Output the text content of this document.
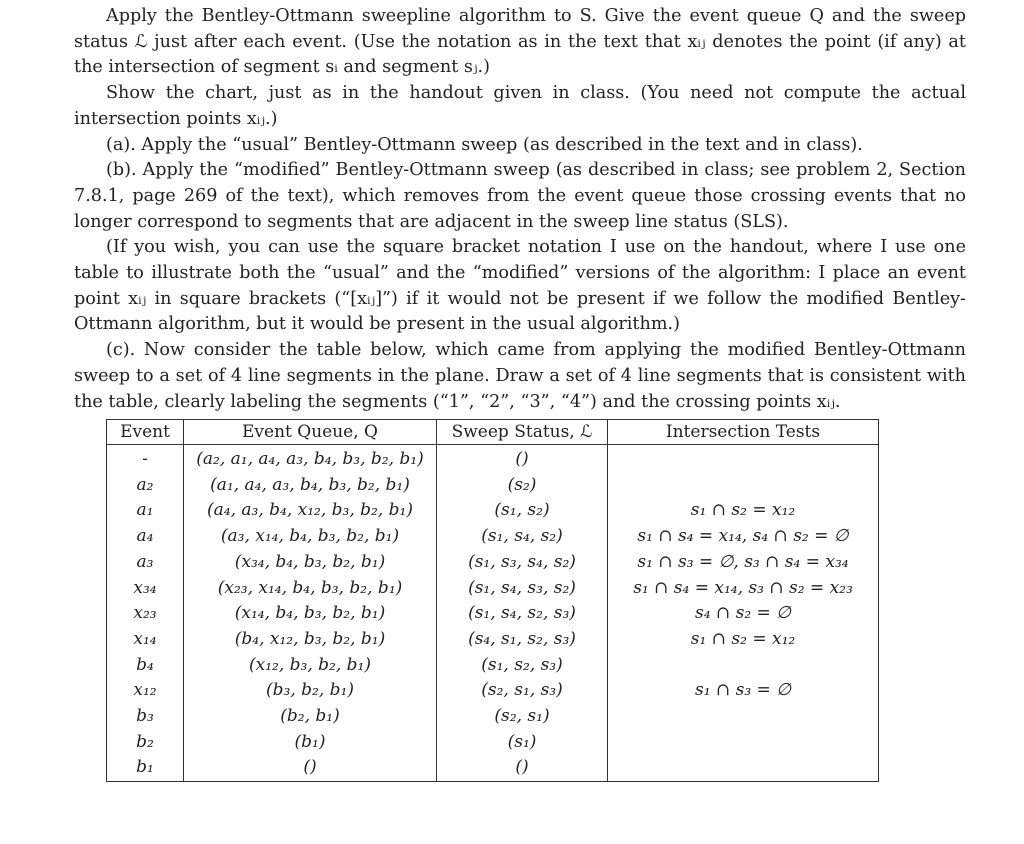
Apply the Bentley-Ottmann sweepline algorithm to S. Give the event queue Q and the sweep status ℒ just after each event. (Use the notation as in the text that xᵢⱼ denotes the point (if any) at the intersection of segment sᵢ and segment sⱼ.)

Show the chart, just as in the handout given in class. (You need not compute the actual intersection points xᵢⱼ.)

(a). Apply the “usual” Bentley-Ottmann sweep (as described in the text and in class).

(b). Apply the “modified” Bentley-Ottmann sweep (as described in class; see problem 2, Section 7.8.1, page 269 of the text), which removes from the event queue those crossing events that no longer correspond to segments that are adjacent in the sweep line status (SLS).

(If you wish, you can use the square bracket notation I use on the handout, where I use one table to illustrate both the “usual” and the “modified” versions of the algorithm: I place an event point xᵢⱼ in square brackets (“[xᵢⱼ]”) if it would not be present if we follow the modified Bentley-Ottmann algorithm, but it would be present in the usual algorithm.)

(c). Now consider the table below, which came from applying the modified Bentley-Ottmann sweep to a set of 4 line segments in the plane. Draw a set of 4 line segments that is consistent with the table, clearly labeling the segments (“1”, “2”, “3”, “4”) and the crossing points xᵢⱼ.

Event	Event Queue, Q	Sweep Status, ℒ	Intersection Tests
-	(a₂, a₁, a₄, a₃, b₄, b₃, b₂, b₁)	()	
a₂	(a₁, a₄, a₃, b₄, b₃, b₂, b₁)	(s₂)	
a₁	(a₄, a₃, b₄, x₁₂, b₃, b₂, b₁)	(s₁, s₂)	s₁ ∩ s₂ = x₁₂
a₄	(a₃, x₁₄, b₄, b₃, b₂, b₁)	(s₁, s₄, s₂)	s₁ ∩ s₄ = x₁₄, s₄ ∩ s₂ = ∅
a₃	(x₃₄, b₄, b₃, b₂, b₁)	(s₁, s₃, s₄, s₂)	s₁ ∩ s₃ = ∅, s₃ ∩ s₄ = x₃₄
x₃₄	(x₂₃, x₁₄, b₄, b₃, b₂, b₁)	(s₁, s₄, s₃, s₂)	s₁ ∩ s₄ = x₁₄, s₃ ∩ s₂ = x₂₃
x₂₃	(x₁₄, b₄, b₃, b₂, b₁)	(s₁, s₄, s₂, s₃)	s₄ ∩ s₂ = ∅
x₁₄	(b₄, x₁₂, b₃, b₂, b₁)	(s₄, s₁, s₂, s₃)	s₁ ∩ s₂ = x₁₂
b₄	(x₁₂, b₃, b₂, b₁)	(s₁, s₂, s₃)	
x₁₂	(b₃, b₂, b₁)	(s₂, s₁, s₃)	s₁ ∩ s₃ = ∅
b₃	(b₂, b₁)	(s₂, s₁)	
b₂	(b₁)	(s₁)	
b₁	()	()	
